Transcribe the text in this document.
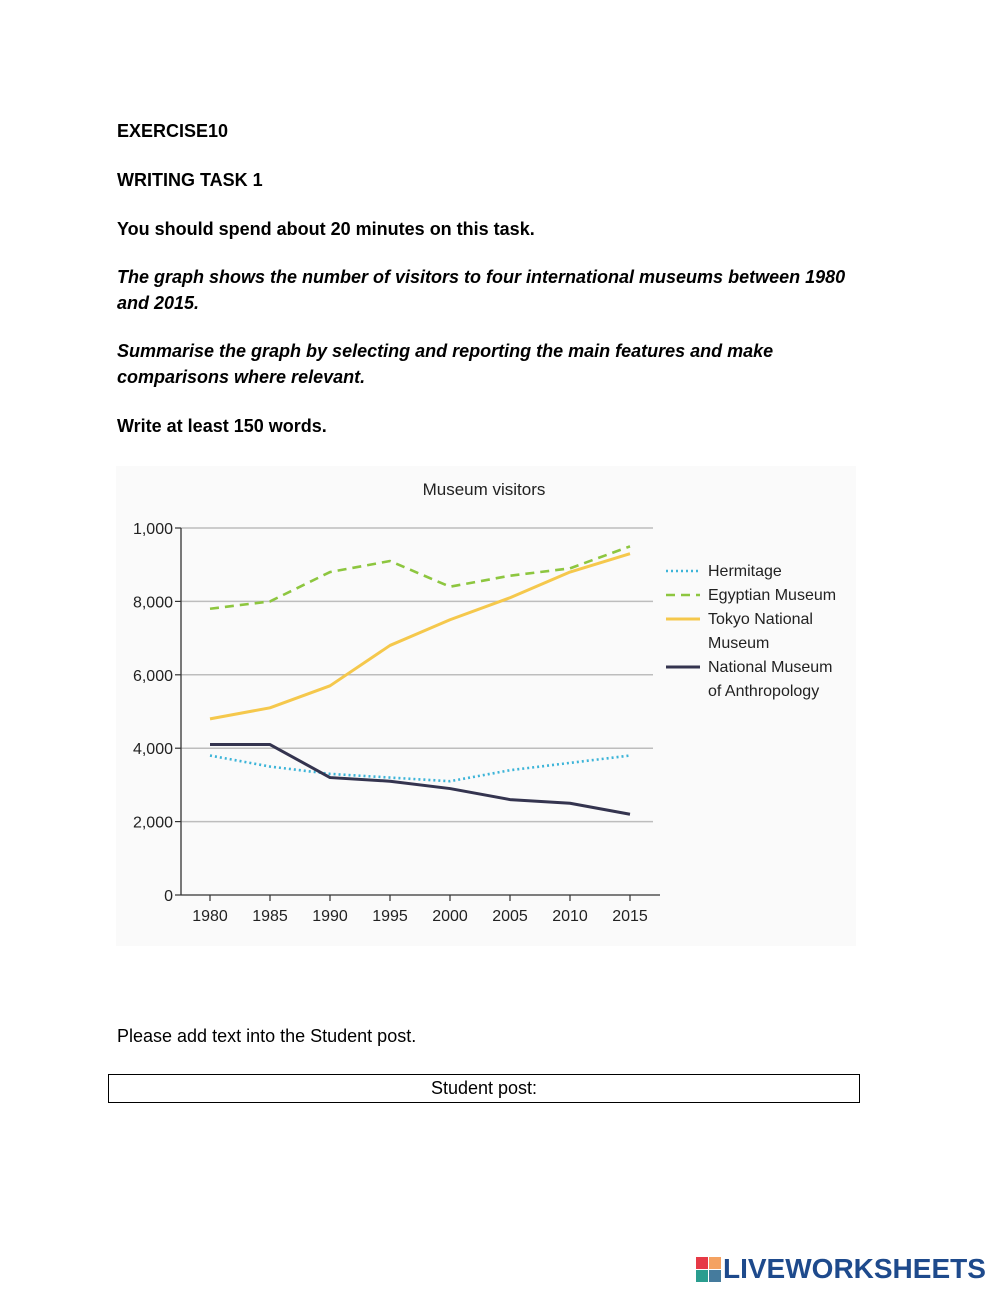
EXERCISE10
WRITING TASK 1
You should spend about 20 minutes on this task.
The graph shows the number of visitors to four international museums between 1980 and 2015.
Summarise the graph by selecting and reporting the main features and make comparisons where relevant.
Write at least 150 words.
Museum visitors
0
2,000
4,000
6,000
8,000
1,000
1980 1985 1990 1995 2000 2005 2010 2015
Hermitage
Egyptian Museum
Tokyo National
Museum
National Museum
of Anthropology
Please add text into the Student post.
Student post:
LIVEWORKSHEETS
